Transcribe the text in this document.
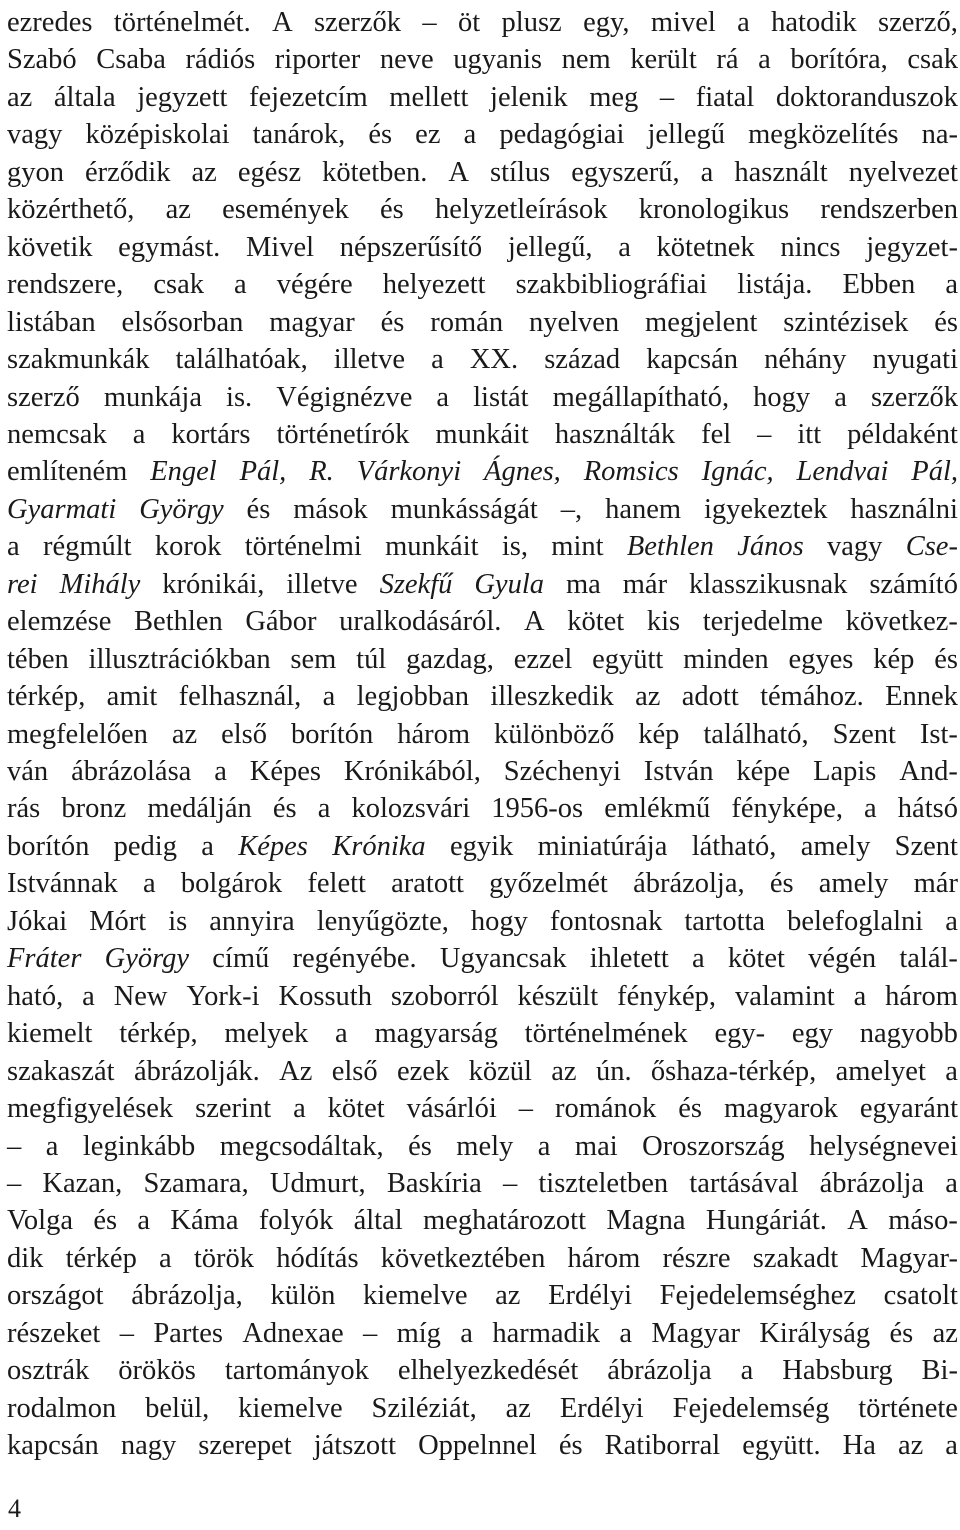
ezredes történelmét. A szerzők – öt plusz egy, mivel a hatodik szerző,
Szabó Csaba rádiós riporter neve ugyanis nem került rá a borítóra, csak
az általa jegyzett fejezetcím mellett jelenik meg – fiatal doktoranduszok
vagy középiskolai tanárok, és ez a pedagógiai jellegű megközelítés na-
gyon érződik az egész kötetben. A stílus egyszerű, a használt nyelvezet
közérthető, az események és helyzetleírások kronologikus rendszerben
követik egymást. Mivel népszerűsítő jellegű, a kötetnek nincs jegyzet-
rendszere, csak a végére helyezett szakbibliográfiai listája. Ebben a
listában elsősorban magyar és román nyelven megjelent szintézisek és
szakmunkák találhatóak, illetve a XX. század kapcsán néhány nyugati
szerző munkája is. Végignézve a listát megállapítható, hogy a szerzők
nemcsak a kortárs történetírók munkáit használták fel – itt példaként
említeném Engel Pál, R. Várkonyi Ágnes, Romsics Ignác, Lendvai Pál,
Gyarmati György és mások munkásságát –, hanem igyekeztek használni
a régmúlt korok történelmi munkáit is, mint Bethlen János vagy Cse-
rei Mihály krónikái, illetve Szekfű Gyula ma már klasszikusnak számító
elemzése Bethlen Gábor uralkodásáról. A kötet kis terjedelme következ-
tében illusztrációkban sem túl gazdag, ezzel együtt minden egyes kép és
térkép, amit felhasznál, a legjobban illeszkedik az adott témához. Ennek
megfelelően az első borítón három különböző kép található, Szent Ist-
ván ábrázolása a Képes Krónikából, Széchenyi István képe Lapis And-
rás bronz medálján és a kolozsvári 1956-os emlékmű fényképe, a hátsó
borítón pedig a Képes Krónika egyik miniatúrája látható, amely Szent
Istvánnak a bolgárok felett aratott győzelmét ábrázolja, és amely már
Jókai Mórt is annyira lenyűgözte, hogy fontosnak tartotta belefoglalni a
Fráter György című regényébe. Ugyancsak ihletett a kötet végén talál-
ható, a New York-i Kossuth szoborról készült fénykép, valamint a három
kiemelt térkép, melyek a magyarság történelmének egy- egy nagyobb
szakaszát ábrázolják. Az első ezek közül az ún. őshaza-térkép, amelyet a
megfigyelések szerint a kötet vásárlói – románok és magyarok egyaránt
– a leginkább megcsodáltak, és mely a mai Oroszország helységnevei
– Kazan, Szamara, Udmurt, Baskíria – tiszteletben tartásával ábrázolja a
Volga és a Káma folyók által meghatározott Magna Hungáriát. A máso-
dik térkép a török hódítás következtében három részre szakadt Magyar-
országot ábrázolja, külön kiemelve az Erdélyi Fejedelemséghez csatolt
részeket – Partes Adnexae – míg a harmadik a Magyar Királyság és az
osztrák örökös tartományok elhelyezkedését ábrázolja a Habsburg Bi-
rodalmon belül, kiemelve Sziléziát, az Erdélyi Fejedelemség története
kapcsán nagy szerepet játszott Oppelnnel és Ratiborral együtt. Ha az a
4
